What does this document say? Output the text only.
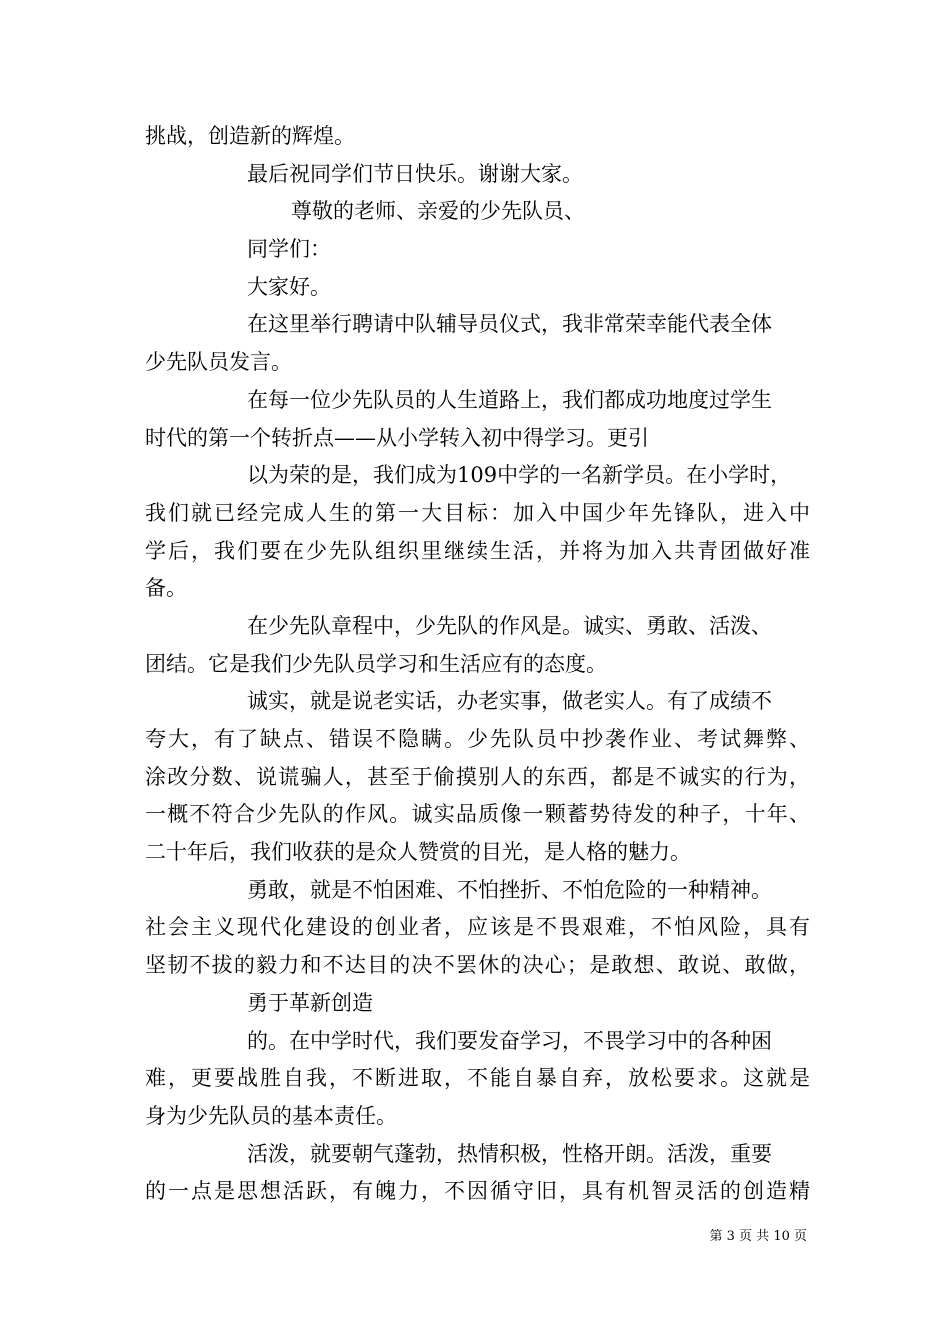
挑战，创造新的辉煌。
最后祝同学们节日快乐。谢谢大家。
尊敬的老师、亲爱的少先队员、
同学们：
大家好。
在这里举行聘请中队辅导员仪式，我非常荣幸能代表全体
少先队员发言。
在每一位少先队员的人生道路上，我们都成功地度过学生
时代的第一个转折点——从小学转入初中得学习。更引
以为荣的是，我们成为109中学的一名新学员。在小学时，
我们就已经完成人生的第一大目标：加入中国少年先锋队，进入中
学后，我们要在少先队组织里继续生活，并将为加入共青团做好准
备。
在少先队章程中，少先队的作风是。诚实、勇敢、活泼、
团结。它是我们少先队员学习和生活应有的态度。
诚实，就是说老实话，办老实事，做老实人。有了成绩不
夸大，有了缺点、错误不隐瞒。少先队员中抄袭作业、考试舞弊、
涂改分数、说谎骗人，甚至于偷摸别人的东西，都是不诚实的行为，
一概不符合少先队的作风。诚实品质像一颗蓄势待发的种子，十年、
二十年后，我们收获的是众人赞赏的目光，是人格的魅力。
勇敢，就是不怕困难、不怕挫折、不怕危险的一种精神。
社会主义现代化建设的创业者，应该是不畏艰难，不怕风险，具有
坚韧不拔的毅力和不达目的决不罢休的决心；是敢想、敢说、敢做，
勇于革新创造
的。在中学时代，我们要发奋学习，不畏学习中的各种困
难，更要战胜自我，不断进取，不能自暴自弃，放松要求。这就是
身为少先队员的基本责任。
活泼，就要朝气蓬勃，热情积极，性格开朗。活泼，重要
的一点是思想活跃，有魄力，不因循守旧，具有机智灵活的创造精
第 3 页 共 10 页
